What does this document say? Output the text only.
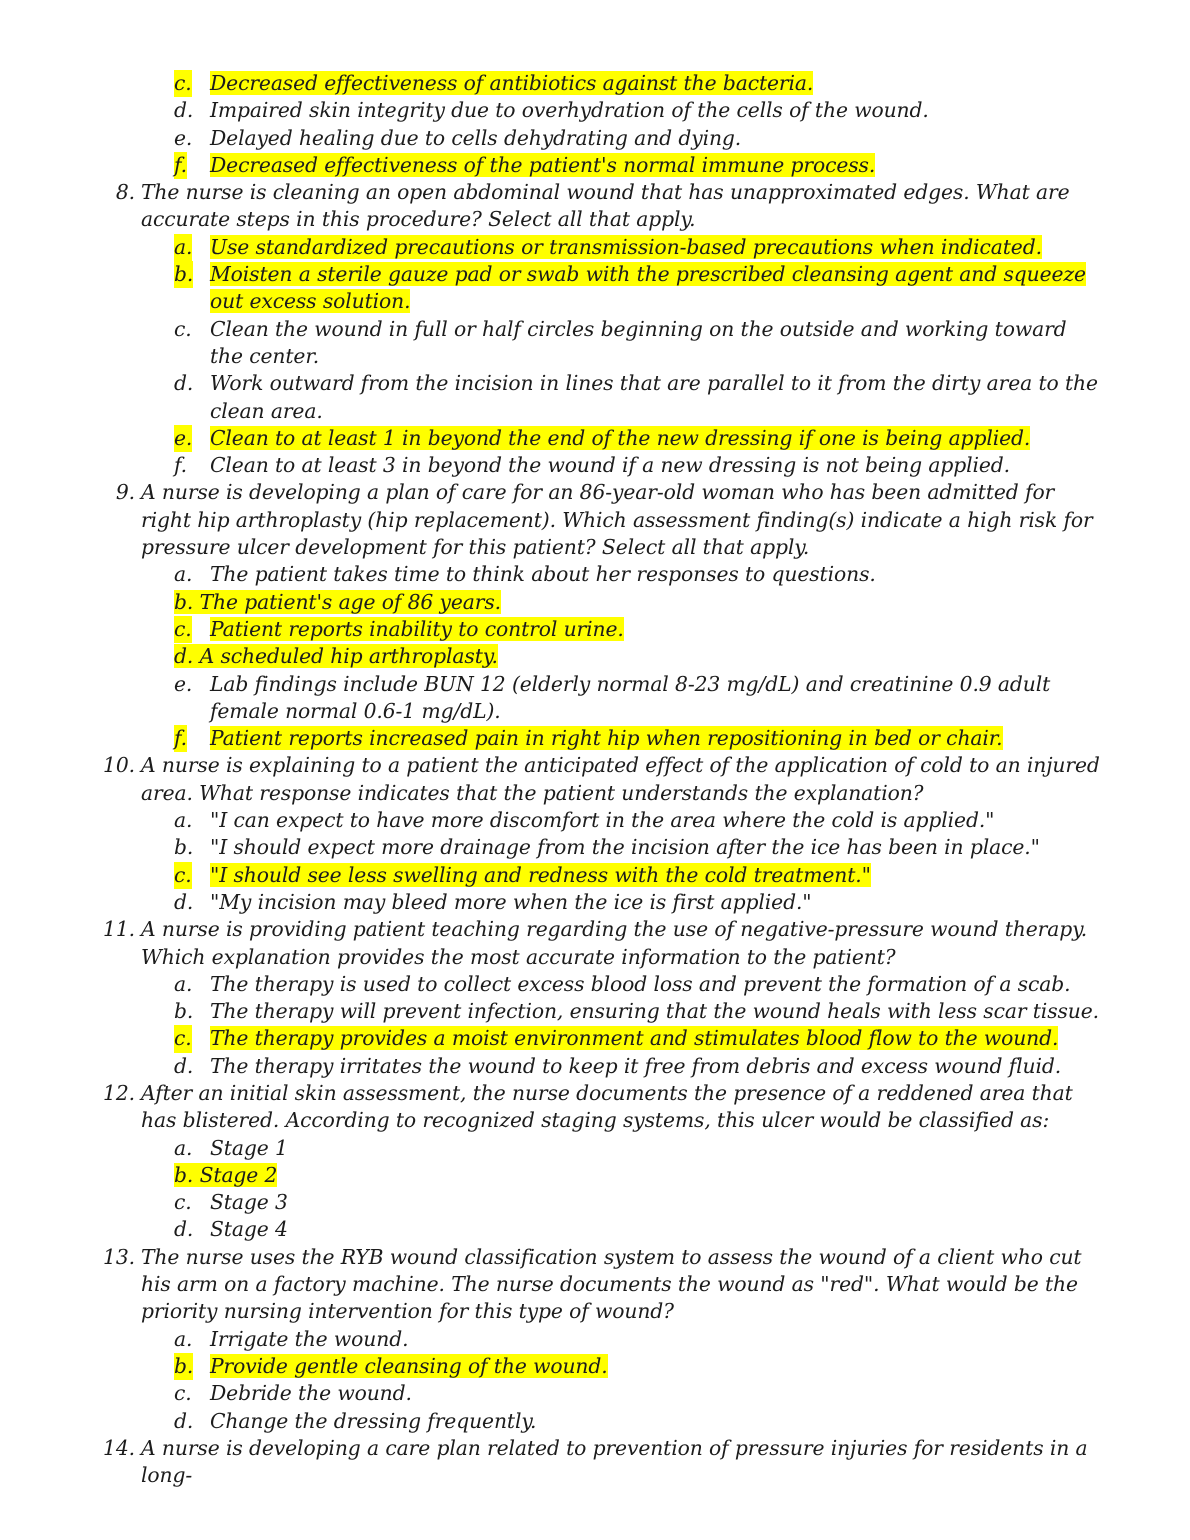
c. Decreased effectiveness of antibiotics against the bacteria.
d. Impaired skin integrity due to overhydration of the cells of the wound.
e. Delayed healing due to cells dehydrating and dying.
f. Decreased effectiveness of the patient's normal immune process.
8. The nurse is cleaning an open abdominal wound that has unapproximated edges. What are accurate steps in this procedure? Select all that apply.
a. Use standardized precautions or transmission-based precautions when indicated.
b. Moisten a sterile gauze pad or swab with the prescribed cleansing agent and squeeze out excess solution.
c. Clean the wound in full or half circles beginning on the outside and working toward the center.
d. Work outward from the incision in lines that are parallel to it from the dirty area to the clean area.
e. Clean to at least 1 in beyond the end of the new dressing if one is being applied.
f. Clean to at least 3 in beyond the wound if a new dressing is not being applied.
9. A nurse is developing a plan of care for an 86-year-old woman who has been admitted for right hip arthroplasty (hip replacement). Which assessment finding(s) indicate a high risk for pressure ulcer development for this patient? Select all that apply.
a. The patient takes time to think about her responses to questions.
b. The patient's age of 86 years.
c. Patient reports inability to control urine.
d. A scheduled hip arthroplasty.
e. Lab findings include BUN 12 (elderly normal 8-23 mg/dL) and creatinine 0.9 adult female normal 0.6-1 mg/dL).
f. Patient reports increased pain in right hip when repositioning in bed or chair.
10. A nurse is explaining to a patient the anticipated effect of the application of cold to an injured area. What response indicates that the patient understands the explanation?
a. "I can expect to have more discomfort in the area where the cold is applied."
b. "I should expect more drainage from the incision after the ice has been in place."
c. "I should see less swelling and redness with the cold treatment."
d. "My incision may bleed more when the ice is first applied."
11. A nurse is providing patient teaching regarding the use of negative-pressure wound therapy. Which explanation provides the most accurate information to the patient?
a. The therapy is used to collect excess blood loss and prevent the formation of a scab.
b. The therapy will prevent infection, ensuring that the wound heals with less scar tissue.
c. The therapy provides a moist environment and stimulates blood flow to the wound.
d. The therapy irritates the wound to keep it free from debris and excess wound fluid.
12. After an initial skin assessment, the nurse documents the presence of a reddened area that has blistered. According to recognized staging systems, this ulcer would be classified as:
a. Stage 1
b. Stage 2
c. Stage 3
d. Stage 4
13. The nurse uses the RYB wound classification system to assess the wound of a client who cut his arm on a factory machine. The nurse documents the wound as "red". What would be the priority nursing intervention for this type of wound?
a. Irrigate the wound.
b. Provide gentle cleansing of the wound.
c. Debride the wound.
d. Change the dressing frequently.
14. A nurse is developing a care plan related to prevention of pressure injuries for residents in a long-
